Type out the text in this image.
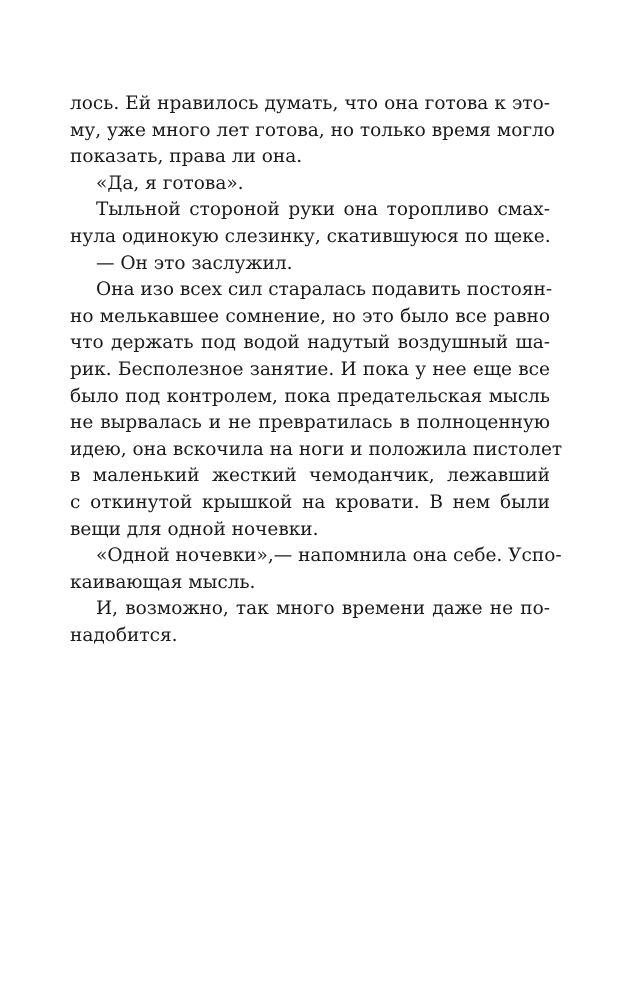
лось. Ей нравилось думать, что она готова к это-
му, уже много лет готова, но только время могло
показать, права ли она.
«Да, я готова».
Тыльной стороной руки она торопливо смах-
нула одинокую слезинку, скатившуюся по щеке.
— Он это заслужил.
Она изо всех сил старалась подавить постоян-
но мелькавшее сомнение, но это было все равно
что держать под водой надутый воздушный ша-
рик. Бесполезное занятие. И пока у нее еще все
было под контролем, пока предательская мысль
не вырвалась и не превратилась в полноценную
идею, она вскочила на ноги и положила пистолет
в маленький жесткий чемоданчик, лежавший
с откинутой крышкой на кровати. В нем были
вещи для одной ночевки.
«Одной ночевки»,— напомнила она себе. Успо-
каивающая мысль.
И, возможно, так много времени даже не по-
надобится.
